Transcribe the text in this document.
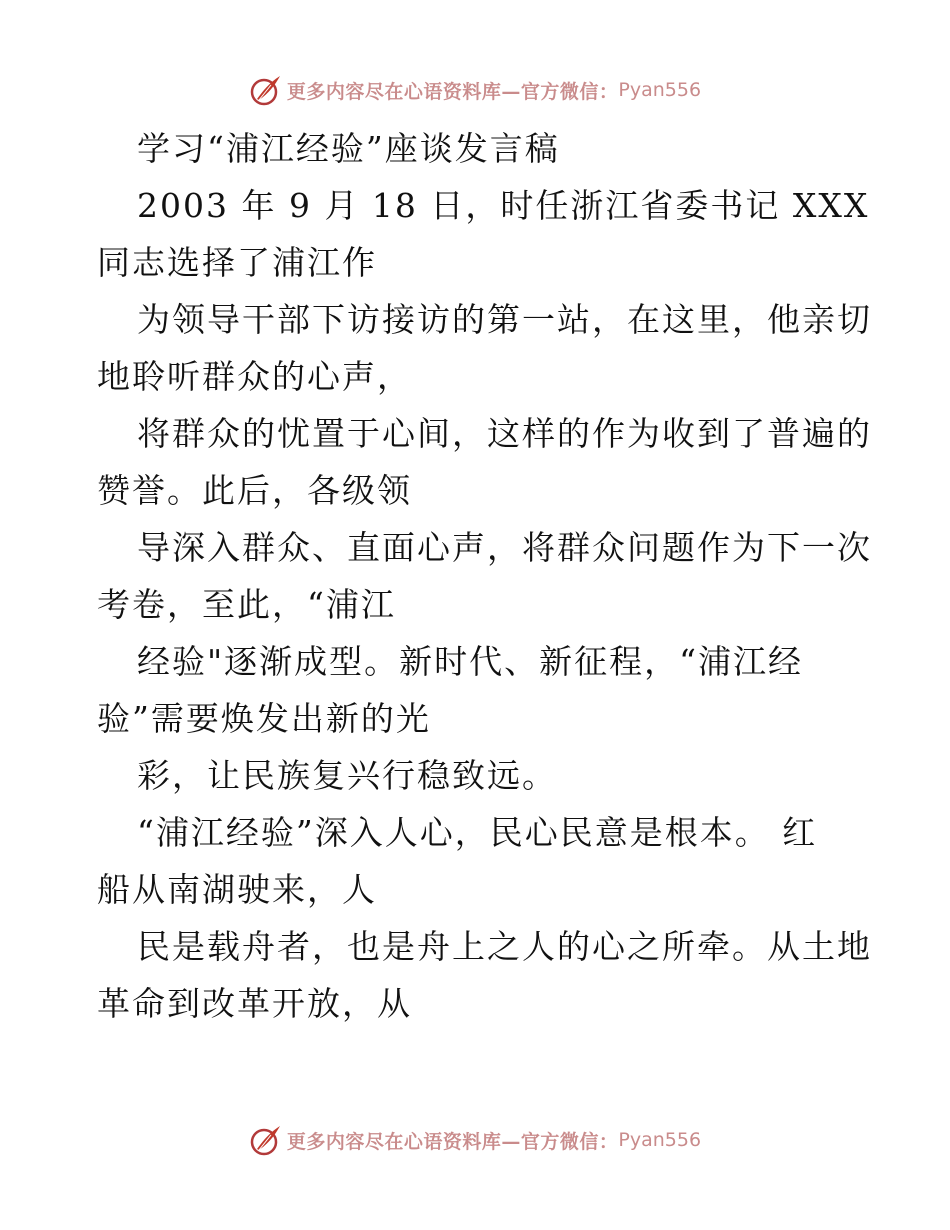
更多内容尽在心语资料库—官方微信： Pyan556
学习“浦江经验”座谈发言稿
2003 年 9 月 18 日，时任浙江省委书记 XXX
同志选择了浦江作
为领导干部下访接访的第一站，在这里，他亲切
地聆听群众的心声，
将群众的忧置于心间，这样的作为收到了普遍的
赞誉。此后，各级领
导深入群众、直面心声，将群众问题作为下一次
考卷，至此，“浦江
经验"逐渐成型。新时代、新征程，“浦江经
验”需要焕发出新的光
彩，让民族复兴行稳致远。
“浦江经验”深入人心，民心民意是根本。 红
船从南湖驶来，人
民是载舟者，也是舟上之人的心之所牵。从土地
革命到改革开放，从
更多内容尽在心语资料库—官方微信： Pyan556
